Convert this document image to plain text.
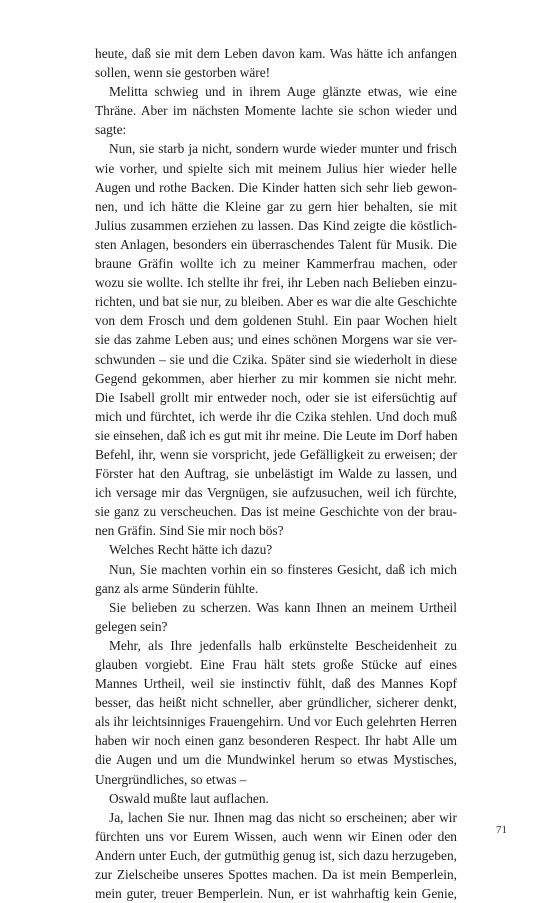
heute, daß sie mit dem Leben davon kam. Was hätte ich anfangen
sollen, wenn sie gestorben wäre!
Melitta schwieg und in ihrem Auge glänzte etwas, wie eine
Thräne. Aber im nächsten Momente lachte sie schon wieder und
sagte:
Nun, sie starb ja nicht, sondern wurde wieder munter und frisch
wie vorher, und spielte sich mit meinem Julius hier wieder helle
Augen und rothe Backen. Die Kinder hatten sich sehr lieb gewon-
nen, und ich hätte die Kleine gar zu gern hier behalten, sie mit
Julius zusammen erziehen zu lassen. Das Kind zeigte die köstlich-
sten Anlagen, besonders ein überraschendes Talent für Musik. Die
braune Gräfin wollte ich zu meiner Kammerfrau machen, oder
wozu sie wollte. Ich stellte ihr frei, ihr Leben nach Belieben einzu-
richten, und bat sie nur, zu bleiben. Aber es war die alte Geschichte
von dem Frosch und dem goldenen Stuhl. Ein paar Wochen hielt
sie das zahme Leben aus; und eines schönen Morgens war sie ver-
schwunden – sie und die Czika. Später sind sie wiederholt in diese
Gegend gekommen, aber hierher zu mir kommen sie nicht mehr.
Die Isabell grollt mir entweder noch, oder sie ist eifersüchtig auf
mich und fürchtet, ich werde ihr die Czika stehlen. Und doch muß
sie einsehen, daß ich es gut mit ihr meine. Die Leute im Dorf haben
Befehl, ihr, wenn sie vorspricht, jede Gefälligkeit zu erweisen; der
Förster hat den Auftrag, sie unbelästigt im Walde zu lassen, und
ich versage mir das Vergnügen, sie aufzusuchen, weil ich fürchte,
sie ganz zu verscheuchen. Das ist meine Geschichte von der brau-
nen Gräfin. Sind Sie mir noch bös?
Welches Recht hätte ich dazu?
Nun, Sie machten vorhin ein so finsteres Gesicht, daß ich mich
ganz als arme Sünderin fühlte.
Sie belieben zu scherzen. Was kann Ihnen an meinem Urtheil
gelegen sein?
Mehr, als Ihre jedenfalls halb erkünstelte Bescheidenheit zu
glauben vorgiebt. Eine Frau hält stets große Stücke auf eines
Mannes Urtheil, weil sie instinctiv fühlt, daß des Mannes Kopf
besser, das heißt nicht schneller, aber gründlicher, sicherer denkt,
als ihr leichtsinniges Frauengehirn. Und vor Euch gelehrten Herren
haben wir noch einen ganz besonderen Respect. Ihr habt Alle um
die Augen und um die Mundwinkel herum so etwas Mystisches,
Unergründliches, so etwas –
Oswald mußte laut auflachen.
Ja, lachen Sie nur. Ihnen mag das nicht so erscheinen; aber wir
fürchten uns vor Eurem Wissen, auch wenn wir Einen oder den
Andern unter Euch, der gutmüthig genug ist, sich dazu herzugeben,
zur Zielscheibe unseres Spottes machen. Da ist mein Bemperlein,
mein guter, treuer Bemperlein. Nun, er ist wahrhaftig kein Genie,
71
